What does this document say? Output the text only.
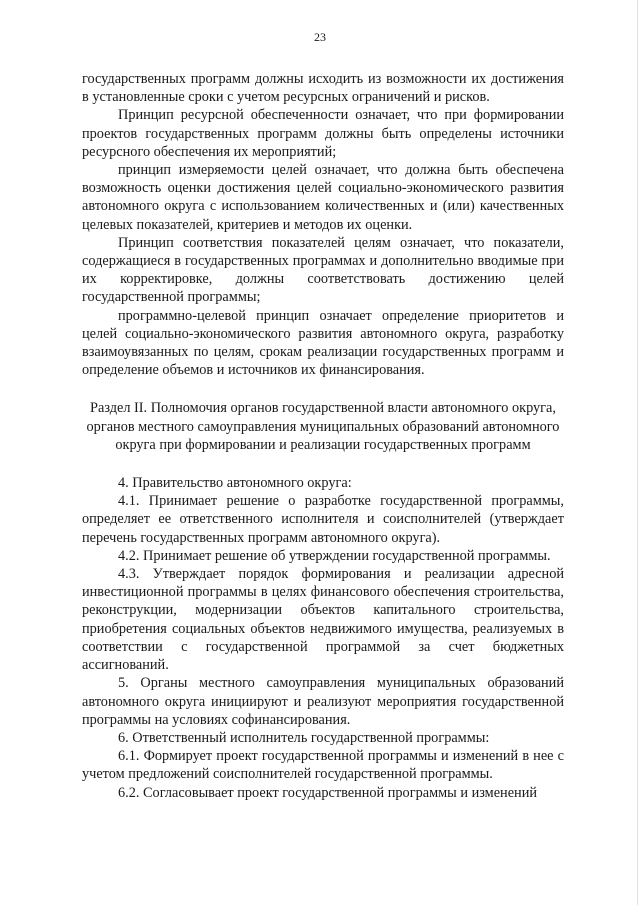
23

государственных программ должны исходить из возможности их достижения в установленные сроки с учетом ресурсных ограничений и рисков.

Принцип ресурсной обеспеченности означает, что при формировании проектов государственных программ должны быть определены источники ресурсного обеспечения их мероприятий;

принцип измеряемости целей означает, что должна быть обеспечена возможность оценки достижения целей социально-экономического развития автономного округа с использованием количественных и (или) качественных целевых показателей, критериев и методов их оценки.

Принцип соответствия показателей целям означает, что показатели, содержащиеся в государственных программах и дополнительно вводимые при их корректировке, должны соответствовать достижению целей государственной программы;

программно-целевой принцип означает определение приоритетов и целей социально-экономического развития автономного округа, разработку взаимоувязанных по целям, срокам реализации государственных программ и определение объемов и источников их финансирования.

Раздел II. Полномочия органов государственной власти автономного округа, органов местного самоуправления муниципальных образований автономного округа при формировании и реализации государственных программ

4. Правительство автономного округа:

4.1. Принимает решение о разработке государственной программы, определяет ее ответственного исполнителя и соисполнителей (утверждает перечень государственных программ автономного округа).

4.2. Принимает решение об утверждении государственной программы.

4.3. Утверждает порядок формирования и реализации адресной инвестиционной программы в целях финансового обеспечения строительства, реконструкции, модернизации объектов капитального строительства, приобретения социальных объектов недвижимого имущества, реализуемых в соответствии с государственной программой за счет бюджетных ассигнований.

5. Органы местного самоуправления муниципальных образований автономного округа инициируют и реализуют мероприятия государственной программы на условиях софинансирования.

6. Ответственный исполнитель государственной программы:

6.1. Формирует проект государственной программы и изменений в нее с учетом предложений соисполнителей государственной программы.

6.2. Согласовывает проект государственной программы и изменений
